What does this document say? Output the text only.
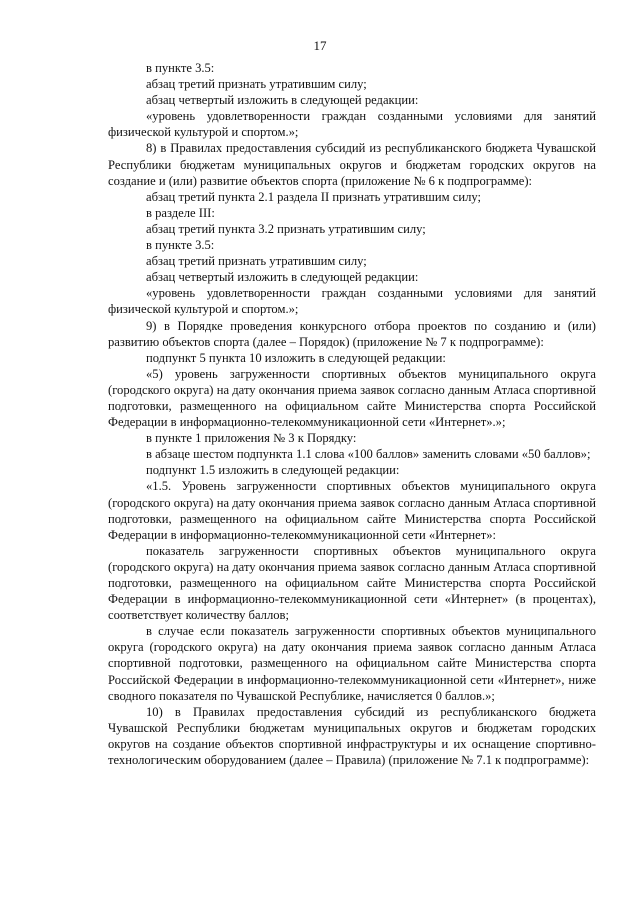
17

в пункте 3.5:

абзац третий признать утратившим силу;

абзац четвертый изложить в следующей редакции:

«уровень удовлетворенности граждан созданными условиями для занятий физической культурой и спортом.»;

8) в Правилах предоставления субсидий из республиканского бюджета Чувашской Республики бюджетам муниципальных округов и бюджетам городских округов на создание и (или) развитие объектов спорта (приложение № 6 к подпрограмме):

абзац третий пункта 2.1 раздела II признать утратившим силу;

в разделе III:

абзац третий пункта 3.2 признать утратившим силу;

в пункте 3.5:

абзац третий признать утратившим силу;

абзац четвертый изложить в следующей редакции:

«уровень удовлетворенности граждан созданными условиями для занятий физической культурой и спортом.»;

9) в Порядке проведения конкурсного отбора проектов по созданию и (или) развитию объектов спорта (далее – Порядок) (приложение № 7 к подпрограмме):

подпункт 5 пункта 10 изложить в следующей редакции:

«5) уровень загруженности спортивных объектов муниципального округа (городского округа) на дату окончания приема заявок согласно данным Атласа спортивной подготовки, размещенного на официальном сайте Министерства спорта Российской Федерации в информационно-телекоммуникационной сети «Интернет».»;

в пункте 1 приложения № 3 к Порядку:

в абзаце шестом подпункта 1.1 слова «100 баллов» заменить словами «50 баллов»;

подпункт 1.5 изложить в следующей редакции:

«1.5. Уровень загруженности спортивных объектов муниципального округа (городского округа) на дату окончания приема заявок согласно данным Атласа спортивной подготовки, размещенного на официальном сайте Министерства спорта Российской Федерации в информационно-телекоммуникационной сети «Интернет»:

показатель загруженности спортивных объектов муниципального округа (городского округа) на дату окончания приема заявок согласно данным Атласа спортивной подготовки, размещенного на официальном сайте Министерства спорта Российской Федерации в информационно-телекоммуникационной сети «Интернет» (в процентах), соответствует количеству баллов;

в случае если показатель загруженности спортивных объектов муниципального округа (городского округа) на дату окончания приема заявок согласно данным Атласа спортивной подготовки, размещенного на официальном сайте Министерства спорта Российской Федерации в информационно-телекоммуникационной сети «Интернет», ниже сводного показателя по Чувашской Республике, начисляется 0 баллов.»;

10) в Правилах предоставления субсидий из республиканского бюджета Чувашской Республики бюджетам муниципальных округов и бюджетам городских округов на создание объектов спортивной инфраструктуры и их оснащение спортивно-технологическим оборудованием (далее – Правила) (приложение № 7.1 к подпрограмме):
